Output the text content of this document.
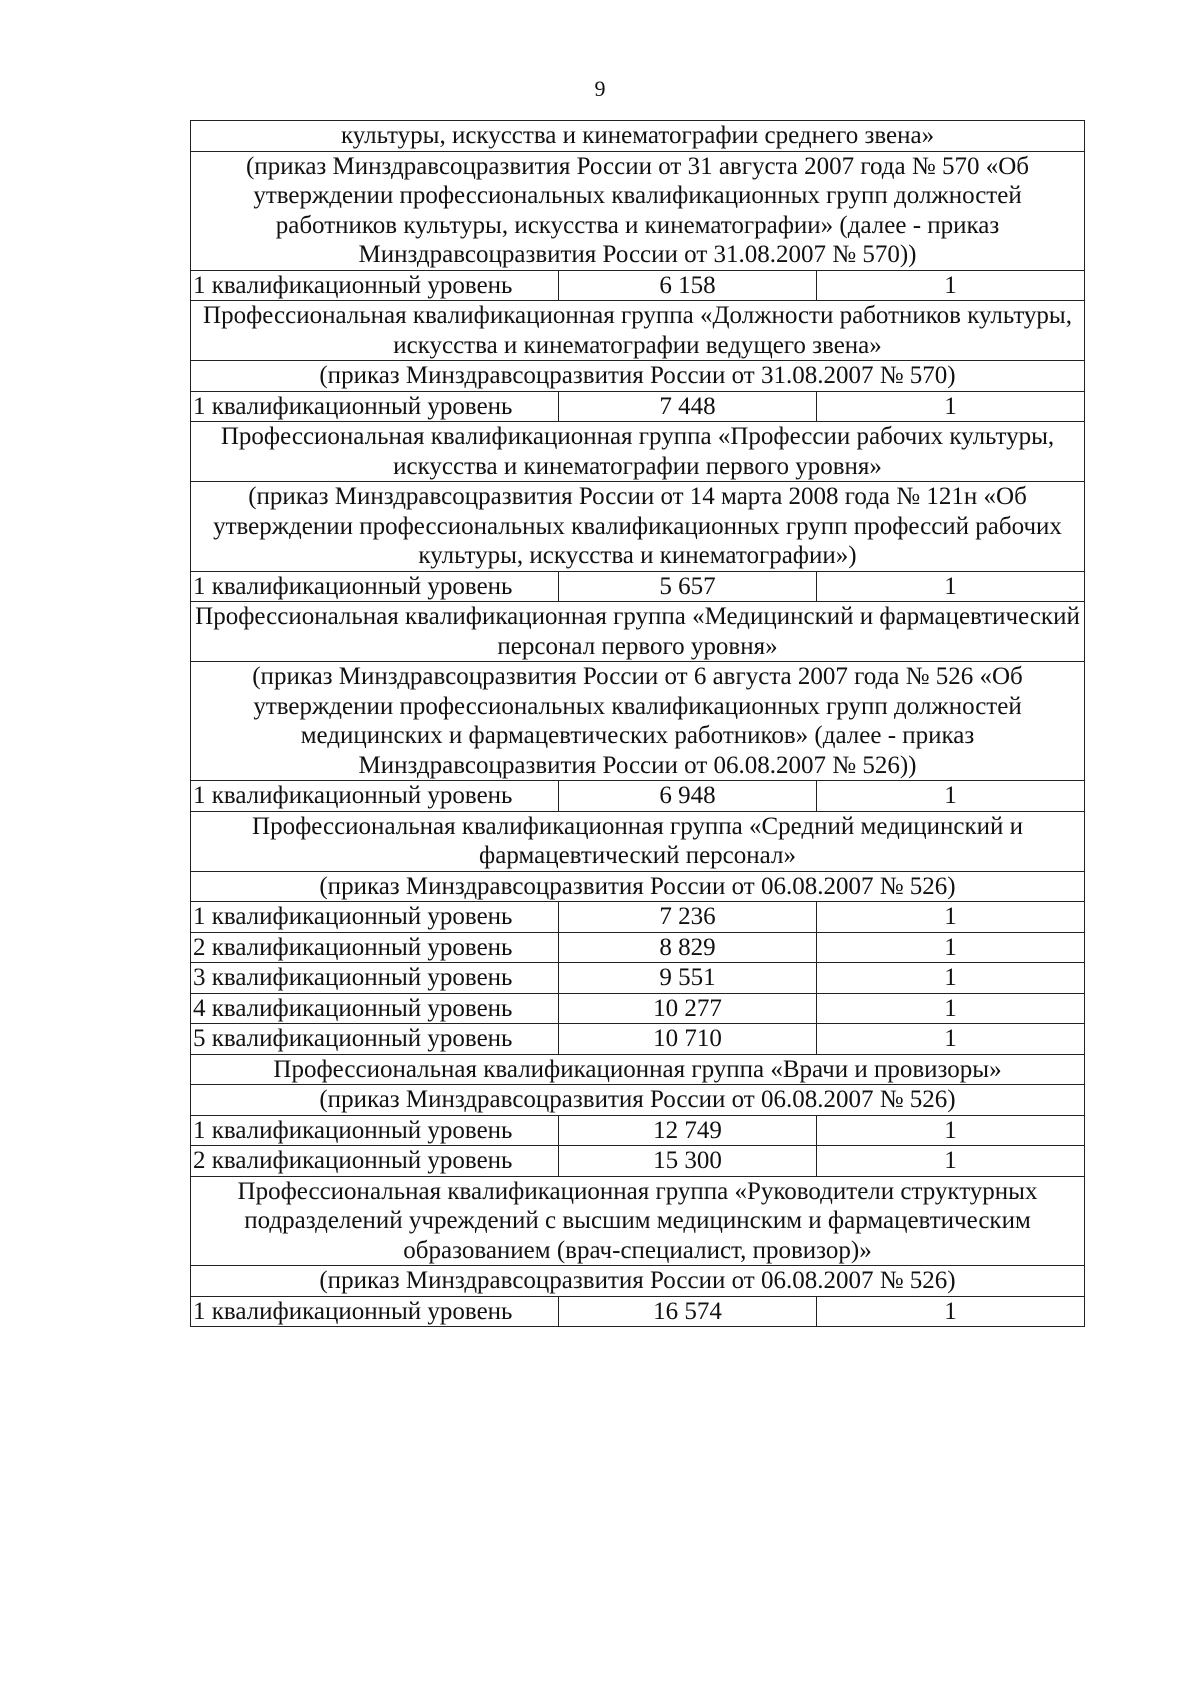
9
культуры, искусства и кинематографии среднего звена»		
(приказ Минздравсоцразвития России от 31 августа 2007 года № 570 «Об утверждении профессиональных квалификационных групп должностей работников культуры, искусства и кинематографии» (далее - приказ Минздравсоцразвития России от 31.08.2007 № 570))		
1 квалификационный уровень	6 158	1
Профессиональная квалификационная группа «Должности работников культуры, искусства и кинематографии ведущего звена»		
(приказ Минздравсоцразвития России от 31.08.2007 № 570)		
1 квалификационный уровень	7 448	1
Профессиональная квалификационная группа «Профессии рабочих культуры, искусства и кинематографии первого уровня»		
(приказ Минздравсоцразвития России от 14 марта 2008 года № 121н «Об утверждении профессиональных квалификационных групп профессий рабочих культуры, искусства и кинематографии»)		
1 квалификационный уровень	5 657	1
Профессиональная квалификационная группа «Медицинский и фармацевтический персонал первого уровня»		
(приказ Минздравсоцразвития России от 6 августа 2007 года № 526 «Об утверждении профессиональных квалификационных групп должностей медицинских и фармацевтических работников» (далее - приказ Минздравсоцразвития России от 06.08.2007 № 526))		
1 квалификационный уровень	6 948	1
Профессиональная квалификационная группа «Средний медицинский и фармацевтический персонал»		
(приказ Минздравсоцразвития России от 06.08.2007 № 526)		
1 квалификационный уровень	7 236	1
2 квалификационный уровень	8 829	1
3 квалификационный уровень	9 551	1
4 квалификационный уровень	10 277	1
5 квалификационный уровень	10 710	1
Профессиональная квалификационная группа «Врачи и провизоры»		
(приказ Минздравсоцразвития России от 06.08.2007 № 526)		
1 квалификационный уровень	12 749	1
2 квалификационный уровень	15 300	1
Профессиональная квалификационная группа «Руководители структурных подразделений учреждений с высшим медицинским и фармацевтическим образованием (врач-специалист, провизор)»		
(приказ Минздравсоцразвития России от 06.08.2007 № 526)		
1 квалификационный уровень	16 574	1
